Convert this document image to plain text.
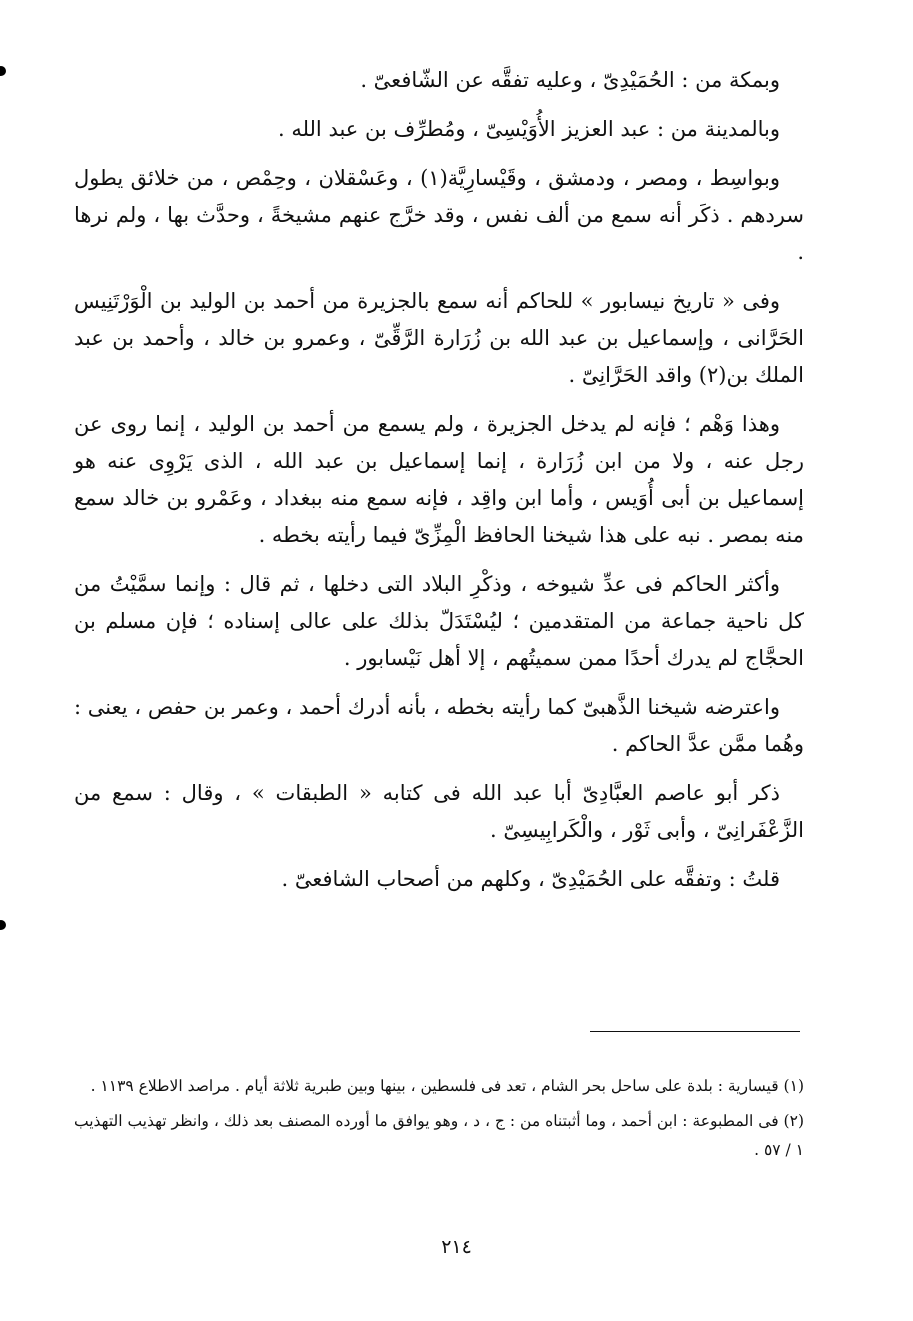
وبمكة من : الحُمَيْدِىّ ، وعليه تفقَّه عن الشّافعىّ .

وبالمدينة من : عبد العزيز الأُوَيْسِىّ ، ومُطرِّف بن عبد الله .

وبواسِط ، ومصر ، ودمشق ، وقَيْسارِيَّة(١) ، وعَسْقلان ، وحِمْص ، من خلائق يطول سردهم . ذكَر أنه سمع من ألف نفس ، وقد خرَّج عنهم مشيخةً ، وحدَّث بها ، ولم نرها .

وفى « تاريخ نيسابور » للحاكم أنه سمع بالجزيرة من أحمد بن الوليد بن الْوَرْتَنِيس الحَرَّانى ، وإسماعيل بن عبد الله بن زُرَارة الرَّقِّىّ ، وعمرو بن خالد ، وأحمد بن عبد الملك بن(٢) واقد الحَرَّانِىّ .

وهذا وَهْم ؛ فإنه لم يدخل الجزيرة ، ولم يسمع من أحمد بن الوليد ، إنما روى عن رجل عنه ، ولا من ابن زُرَارة ، إنما إسماعيل بن عبد الله ، الذى يَرْوِى عنه هو إسماعيل بن أبى أُوَيس ، وأما ابن واقِد ، فإنه سمع منه ببغداد ، وعَمْرو بن خالد سمع منه بمصر . نبه على هذا شيخنا الحافظ الْمِزِّىّ فيما رأيته بخطه .

وأكثر الحاكم فى عدِّ شيوخه ، وذكْرِ البلاد التى دخلها ، ثم قال : وإنما سمَّيْتُ من كل ناحية جماعة من المتقدمين ؛ ليُسْتَدَلّ بذلك على عالى إسناده ؛ فإن مسلم بن الحجَّاج لم يدرك أحدًا ممن سميتُهم ، إلا أهل نَيْسابور .

واعترضه شيخنا الذَّهبىّ كما رأيته بخطه ، بأنه أدرك أحمد ، وعمر بن حفص ، يعنى : وهُما ممَّن عدَّ الحاكم .

ذكر أبو عاصم العبَّادِىّ أبا عبد الله فى كتابه « الطبقات » ، وقال : سمع من الزَّعْفَرانِىّ ، وأبى ثَوْر ، والْكَرابِيسِىّ .

قلتُ : وتفقَّه على الحُمَيْدِىّ ، وكلهم من أصحاب الشافعىّ .

(١) قيسارية : بلدة على ساحل بحر الشام ، تعد فى فلسطين ، بينها وبين طبرية ثلاثة أيام . مراصد الاطلاع ١١٣٩ .

(٢) فى المطبوعة : ابن أحمد ، وما أثبتناه من : ج ، د ، وهو يوافق ما أورده المصنف بعد ذلك ، وانظر تهذيب التهذيب ١ / ٥٧ .

٢١٤
